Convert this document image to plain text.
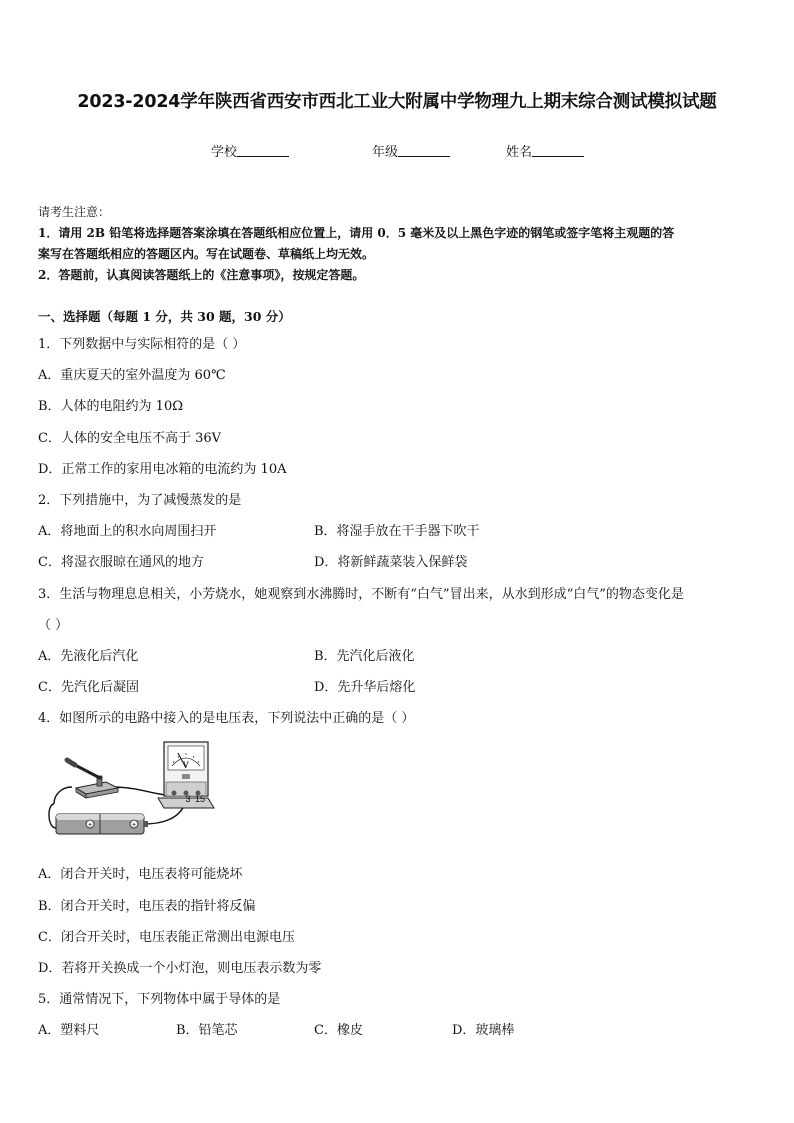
2023-2024学年陕西省西安市西北工业大附属中学物理九上期末综合测试模拟试题
学校	年级	姓名
请考生注意：
1．请用 2B 铅笔将选择题答案涂填在答题纸相应位置上，请用 0．5 毫米及以上黑色字迹的钢笔或签字笔将主观题的答
案写在答题纸相应的答题区内。写在试题卷、草稿纸上均无效。
2．答题前，认真阅读答题纸上的《注意事项》，按规定答题。
一、选择题（每题 1 分，共 30 题，30 分）
1．下列数据中与实际相符的是（ ）
A．重庆夏天的室外温度为 60℃
B．人体的电阻约为 10Ω
C．人体的安全电压不高于 36V
D．正常工作的家用电冰箱的电流约为 10A
2．下列措施中，为了减慢蒸发的是
A．将地面上的积水向周围扫开	B．将湿手放在干手器下吹干
C．将湿衣服晾在通风的地方	D．将新鲜蔬菜装入保鲜袋
3．生活与物理息息相关，小芳烧水，她观察到水沸腾时，不断有“白气”冒出来，从水到形成“白气”的物态变化是
（ ）
A．先液化后汽化	B．先汽化后液化
C．先汽化后凝固	D．先升华后熔化
4．如图所示的电路中接入的是电压表，下列说法中正确的是（ ）
+	+
V
3 15
A．闭合开关时，电压表将可能烧坏
B．闭合开关时，电压表的指针将反偏
C．闭合开关时，电压表能正常测出电源电压
D．若将开关换成一个小灯泡，则电压表示数为零
5．通常情况下，下列物体中属于导体的是
A．塑料尺	B．铅笔芯	C．橡皮	D．玻璃棒
